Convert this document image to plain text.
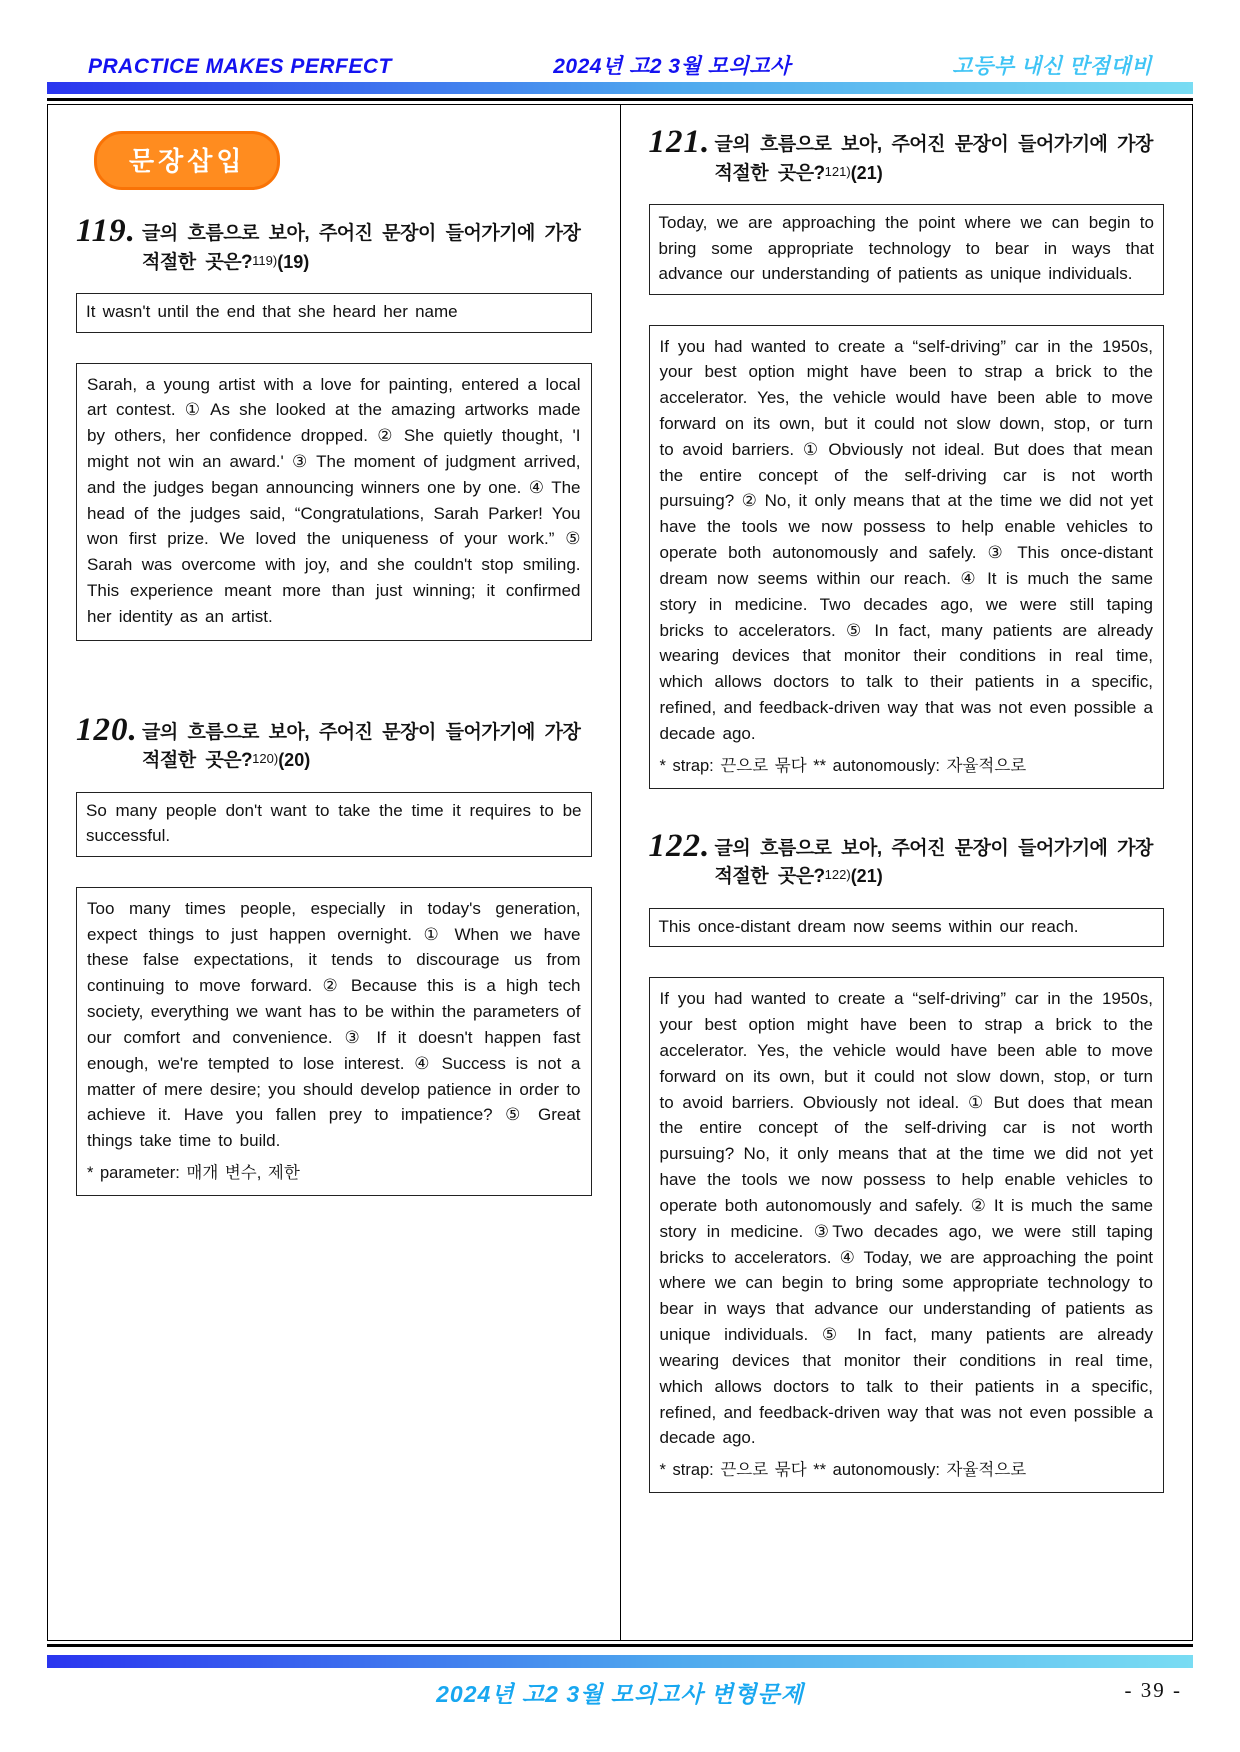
PRACTICE MAKES PERFECT	2024년 고2 3월 모의고사	고등부 내신 만점대비
문장삽입
119. 글의 흐름으로 보아, 주어진 문장이 들어가기에 가장 적절한 곳은?119)(19)
It wasn't until the end that she heard her name

Sarah, a young artist with a love for painting, entered a local art contest. ① As she looked at the amazing artworks made by others, her confidence dropped. ② She quietly thought, 'I might not win an award.' ③ The moment of judgment arrived, and the judges began announcing winners one by one. ④ The head of the judges said, “Congratulations, Sarah Parker! You won first prize. We loved the uniqueness of your work.” ⑤ Sarah was overcome with joy, and she couldn't stop smiling. This experience meant more than just winning; it confirmed her identity as an artist.

120. 글의 흐름으로 보아, 주어진 문장이 들어가기에 가장 적절한 곳은?120)(20)
So many people don't want to take the time it requires to be successful.

Too many times people, especially in today's generation, expect things to just happen overnight. ① When we have these false expectations, it tends to discourage us from continuing to move forward. ② Because this is a high tech society, everything we want has to be within the parameters of our comfort and convenience. ③ If it doesn't happen fast enough, we're tempted to lose interest. ④ Success is not a matter of mere desire; you should develop patience in order to achieve it. Have you fallen prey to impatience? ⑤ Great things take time to build.

* parameter: 매개 변수, 제한

121. 글의 흐름으로 보아, 주어진 문장이 들어가기에 가장 적절한 곳은?121)(21)
Today, we are approaching the point where we can begin to bring some appropriate technology to bear in ways that advance our understanding of patients as unique individuals.

If you had wanted to create a “self-driving” car in the 1950s, your best option might have been to strap a brick to the accelerator. Yes, the vehicle would have been able to move forward on its own, but it could not slow down, stop, or turn to avoid barriers. ① Obviously not ideal. But does that mean the entire concept of the self-driving car is not worth pursuing? ② No, it only means that at the time we did not yet have the tools we now possess to help enable vehicles to operate both autonomously and safely. ③ This once-distant dream now seems within our reach. ④ It is much the same story in medicine. Two decades ago, we were still taping bricks to accelerators. ⑤ In fact, many patients are already wearing devices that monitor their conditions in real time, which allows doctors to talk to their patients in a specific, refined, and feedback-driven way that was not even possible a decade ago.

* strap: 끈으로 묶다 ** autonomously: 자율적으로

122. 글의 흐름으로 보아, 주어진 문장이 들어가기에 가장 적절한 곳은?122)(21)
This once-distant dream now seems within our reach.

If you had wanted to create a “self-driving” car in the 1950s, your best option might have been to strap a brick to the accelerator. Yes, the vehicle would have been able to move forward on its own, but it could not slow down, stop, or turn to avoid barriers. Obviously not ideal. ① But does that mean the entire concept of the self-driving car is not worth pursuing? No, it only means that at the time we did not yet have the tools we now possess to help enable vehicles to operate both autonomously and safely. ② It is much the same story in medicine. ③Two decades ago, we were still taping bricks to accelerators. ④ Today, we are approaching the point where we can begin to bring some appropriate technology to bear in ways that advance our understanding of patients as unique individuals. ⑤ In fact, many patients are already wearing devices that monitor their conditions in real time, which allows doctors to talk to their patients in a specific, refined, and feedback-driven way that was not even possible a decade ago.

* strap: 끈으로 묶다 ** autonomously: 자율적으로

2024년 고2 3월 모의고사 변형문제	- 39 -
